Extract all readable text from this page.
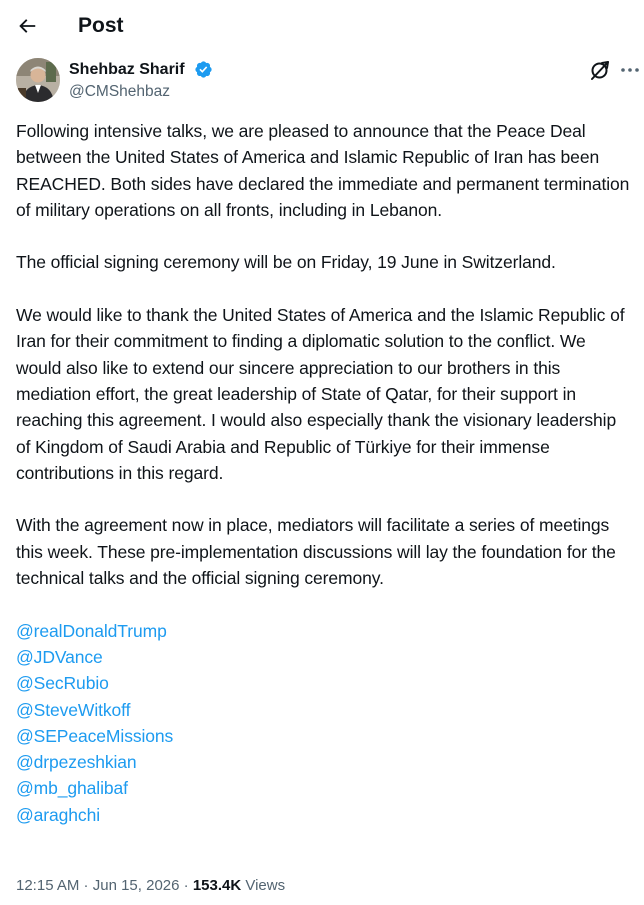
Post
Shehbaz Sharif
@CMShehbaz

Following intensive talks, we are pleased to announce that the Peace Deal between the United States of America and Islamic Republic of Iran has been REACHED. Both sides have declared the immediate and permanent termination of military operations on all fronts, including in Lebanon.

The official signing ceremony will be on Friday, 19 June in Switzerland.

We would like to thank the United States of America and the Islamic Republic of Iran for their commitment to finding a diplomatic solution to the conflict. We would also like to extend our sincere appreciation to our brothers in this mediation effort, the great leadership of State of Qatar, for their support in reaching this agreement. I would also especially thank the visionary leadership of Kingdom of Saudi Arabia and Republic of Türkiye for their immense contributions in this regard.

With the agreement now in place, mediators will facilitate a series of meetings this week. These pre-implementation discussions will lay the foundation for the technical talks and the official signing ceremony.

@realDonaldTrump
@JDVance
@SecRubio
@SteveWitkoff
@SEPeaceMissions
@drpezeshkian
@mb_ghalibaf
@araghchi
12:15 AM · Jun 15, 2026 · 153.4K Views
